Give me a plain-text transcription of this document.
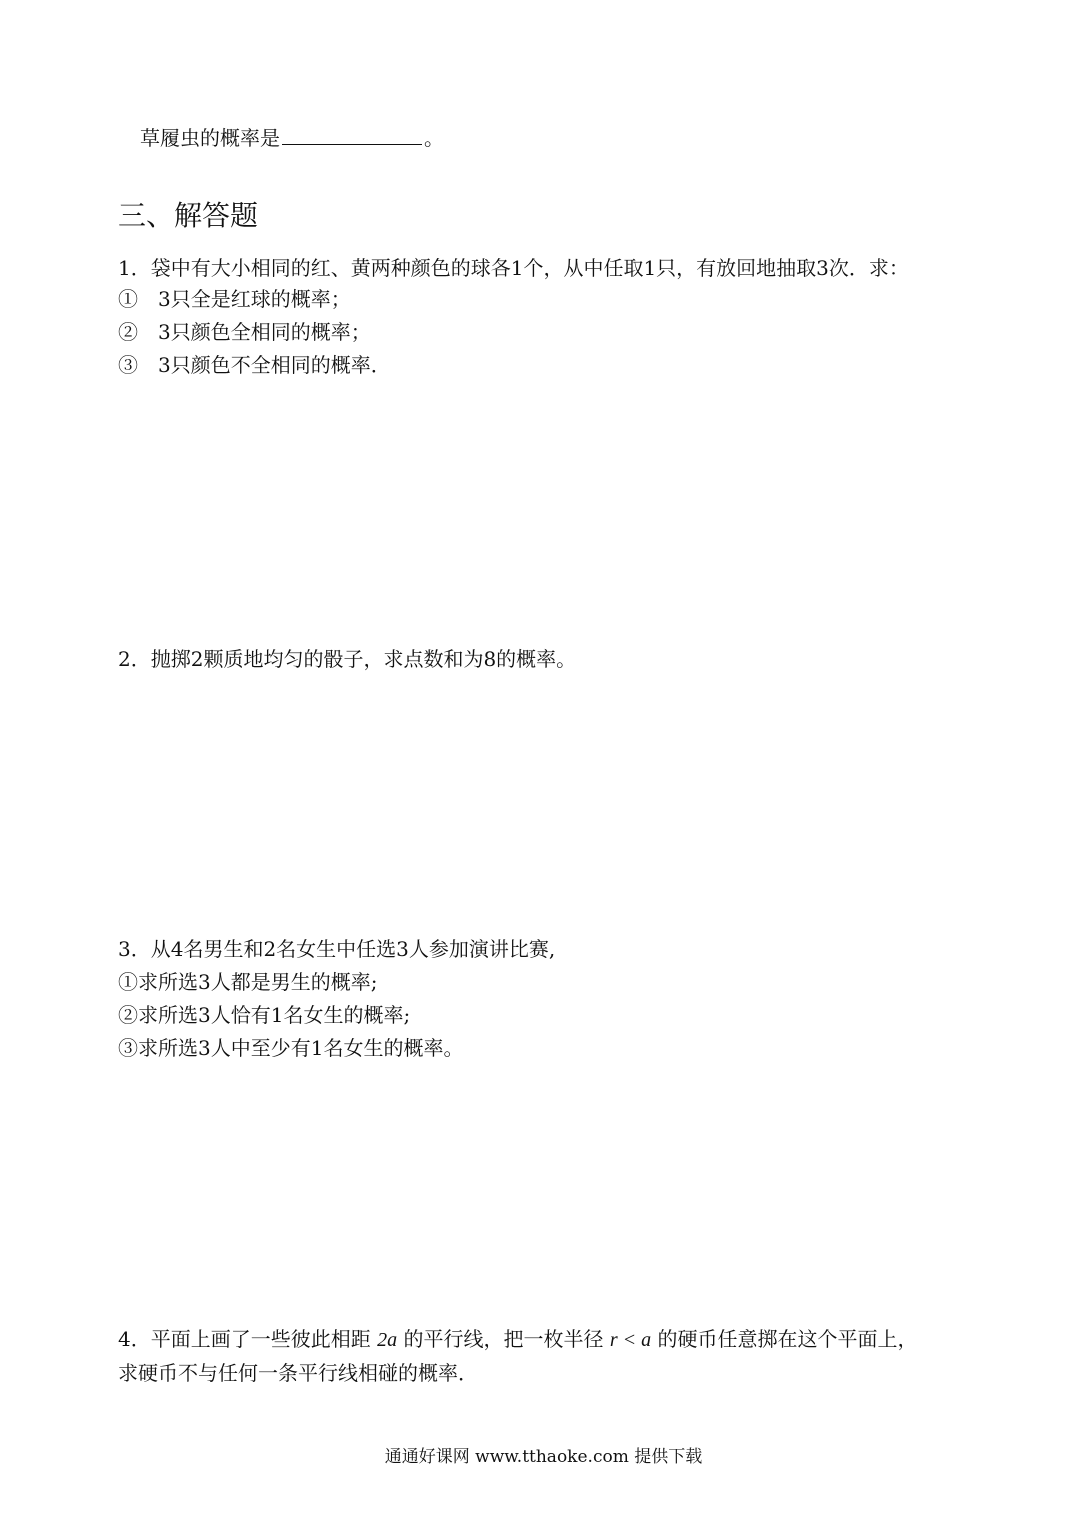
草履虫的概率是	。
三、解答题
1．袋中有大小相同的红、黄两种颜色的球各1个，从中任取1只，有放回地抽取3次．求：
①　3只全是红球的概率；
②　3只颜色全相同的概率；
③　3只颜色不全相同的概率．
2．抛掷2颗质地均匀的骰子，求点数和为8的概率。
3．从4名男生和2名女生中任选3人参加演讲比赛,
①求所选3人都是男生的概率;
②求所选3人恰有1名女生的概率;
③求所选3人中至少有1名女生的概率。
4．平面上画了一些彼此相距 2a 的平行线，把一枚半径 r < a 的硬币任意掷在这个平面上，
求硬币不与任何一条平行线相碰的概率．
通通好课网 www.tthaoke.com 提供下载
